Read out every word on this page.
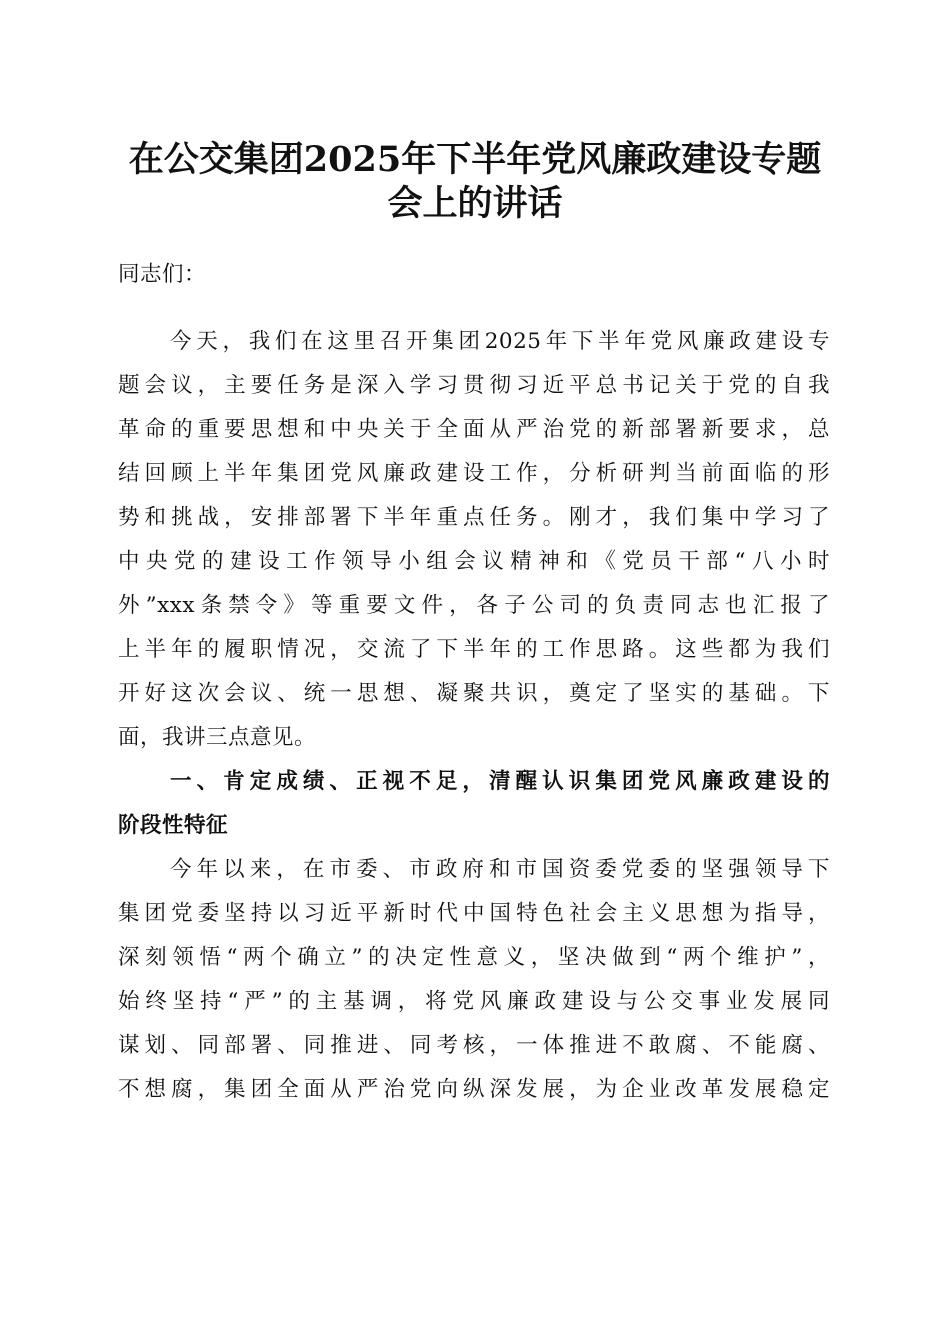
在公交集团2025年下半年党风廉政建设专题
会上的讲话

同志们：

今天，我们在这里召开集团2025年下半年党风廉政建设专

题会议，主要任务是深入学习贯彻习近平总书记关于党的自我

革命的重要思想和中央关于全面从严治党的新部署新要求，总

结回顾上半年集团党风廉政建设工作，分析研判当前面临的形

势和挑战，安排部署下半年重点任务。刚才，我们集中学习了

中央党的建设工作领导小组会议精神和《党员干部“八小时

外”xxx条禁令》等重要文件，各子公司的负责同志也汇报了

上半年的履职情况，交流了下半年的工作思路。这些都为我们

开好这次会议、统一思想、凝聚共识，奠定了坚实的基础。下

面，我讲三点意见。

一、肯定成绩、正视不足，清醒认识集团党风廉政建设的

阶段性特征

今年以来，在市委、市政府和市国资委党委的坚强领导下

集团党委坚持以习近平新时代中国特色社会主义思想为指导，

深刻领悟“两个确立”的决定性意义，坚决做到“两个维护”，

始终坚持“严”的主基调，将党风廉政建设与公交事业发展同

谋划、同部署、同推进、同考核，一体推进不敢腐、不能腐、

不想腐，集团全面从严治党向纵深发展，为企业改革发展稳定
